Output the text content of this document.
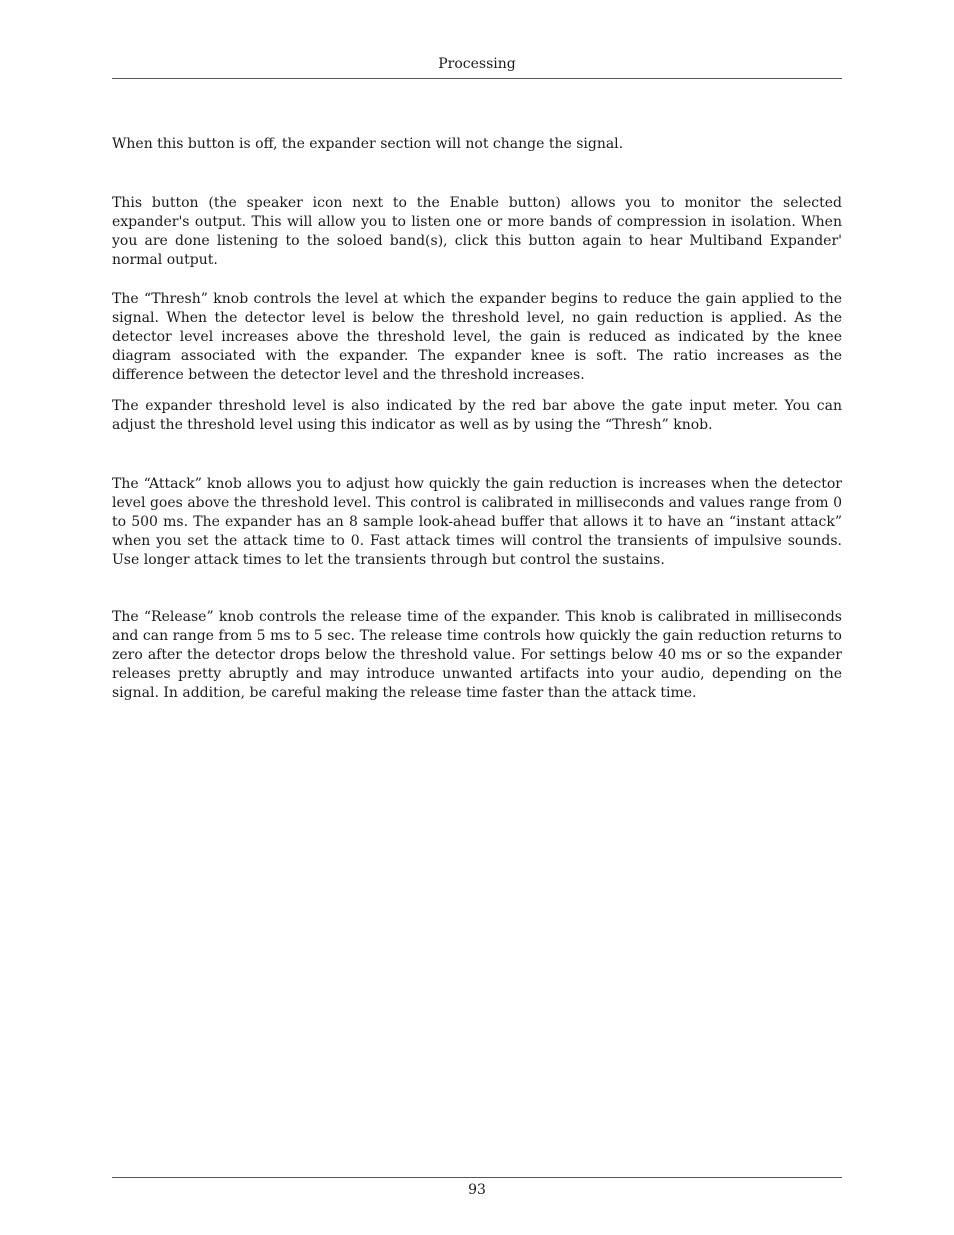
Processing

When this button is off, the expander section will not change the signal.

This button (the speaker icon next to the Enable button) allows you to monitor the selected expander's output. This will allow you to listen one or more bands of compression in isolation. When you are done listening to the soloed band(s), click this button again to hear Multiband Expander' normal output.

The “Thresh” knob controls the level at which the expander begins to reduce the gain applied to the signal. When the detector level is below the threshold level, no gain reduction is applied. As the detector level increases above the threshold level, the gain is reduced as indicated by the knee diagram associated with the expander. The expander knee is soft. The ratio increases as the difference between the detector level and the threshold increases.

The expander threshold level is also indicated by the red bar above the gate input meter. You can adjust the threshold level using this indicator as well as by using the “Thresh” knob.

The “Attack” knob allows you to adjust how quickly the gain reduction is increases when the detector level goes above the threshold level. This control is calibrated in milliseconds and values range from 0 to 500 ms. The expander has an 8 sample look-ahead buffer that allows it to have an “instant attack” when you set the attack time to 0. Fast attack times will control the transients of impulsive sounds. Use longer attack times to let the transients through but control the sustains.

The “Release” knob controls the release time of the expander. This knob is calibrated in milliseconds and can range from 5 ms to 5 sec. The release time controls how quickly the gain reduction returns to zero after the detector drops below the threshold value. For settings below 40 ms or so the expander releases pretty abruptly and may introduce unwanted artifacts into your audio, depending on the signal. In addition, be careful making the release time faster than the attack time.

93
